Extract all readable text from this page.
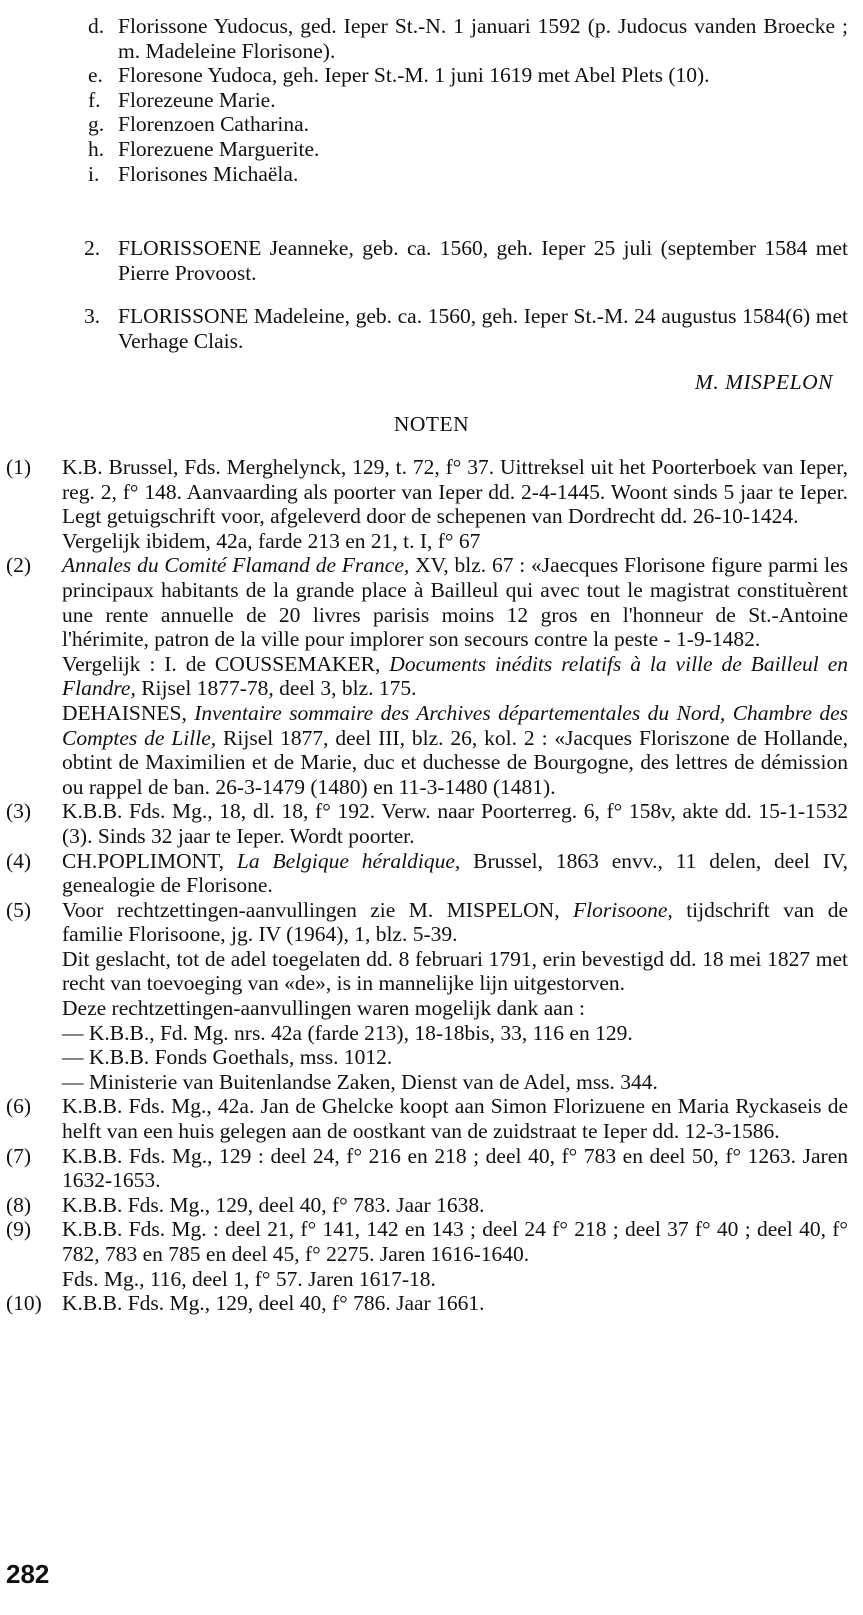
d. Florissone Yudocus, ged. Ieper St.-N. 1 januari 1592 (p. Judocus vanden Broecke ; m. Madeleine Florisone).
e. Floresone Yudoca, geh. Ieper St.-M. 1 juni 1619 met Abel Plets (10).
f. Florezeune Marie.
g. Florenzoen Catharina.
h. Florezuene Marguerite.
i. Florisones Michaëla.
2. FLORISSOENE Jeanneke, geb. ca. 1560, geh. Ieper 25 juli (september 1584 met Pierre Provoost.
3. FLORISSONE Madeleine, geb. ca. 1560, geh. Ieper St.-M. 24 augustus 1584(6) met Verhage Clais.
M. MISPELON
NOTEN
(1)	K.B. Brussel, Fds. Merghelynck, 129, t. 72, f° 37. Uittreksel uit het Poorterboek van Ieper, reg. 2, f° 148. Aanvaarding als poorter van Ieper dd. 2-4-1445. Woont sinds 5 jaar te Ieper. Legt getuigschrift voor, afgeleverd door de schepenen van Dordrecht dd. 26-10-1424.
Vergelijk ibidem, 42a, farde 213 en 21, t. I, f° 67
(2)	Annales du Comité Flamand de France, XV, blz. 67 : «Jaecques Florisone figure parmi les principaux habitants de la grande place à Bailleul qui avec tout le magistrat constituèrent une rente annuelle de 20 livres parisis moins 12 gros en l'honneur de St.-Antoine l'hérimite, patron de la ville pour implorer son secours contre la peste - 1-9-1482.
Vergelijk : I. de COUSSEMAKER, Documents inédits relatifs à la ville de Bailleul en Flandre, Rijsel 1877-78, deel 3, blz. 175.
DEHAISNES, Inventaire sommaire des Archives départementales du Nord, Chambre des Comptes de Lille, Rijsel 1877, deel III, blz. 26, kol. 2 : «Jacques Floriszone de Hollande, obtint de Maximilien et de Marie, duc et duchesse de Bourgogne, des lettres de démission ou rappel de ban. 26-3-1479 (1480) en 11-3-1480 (1481).
(3)	K.B.B. Fds. Mg., 18, dl. 18, f° 192. Verw. naar Poorterreg. 6, f° 158v, akte dd. 15-1-1532 (3). Sinds 32 jaar te Ieper. Wordt poorter.
(4)	CH.POPLIMONT, La Belgique héraldique, Brussel, 1863 envv., 11 delen, deel IV, genealogie de Florisone.
(5)	Voor rechtzettingen-aanvullingen zie M. MISPELON, Florisoone, tijdschrift van de familie Florisoone, jg. IV (1964), 1, blz. 5-39.
Dit geslacht, tot de adel toegelaten dd. 8 februari 1791, erin bevestigd dd. 18 mei 1827 met recht van toevoeging van «de», is in mannelijke lijn uitgestorven.
Deze rechtzettingen-aanvullingen waren mogelijk dank aan :
— K.B.B., Fd. Mg. nrs. 42a (farde 213), 18-18bis, 33, 116 en 129.
— K.B.B. Fonds Goethals, mss. 1012.
— Ministerie van Buitenlandse Zaken, Dienst van de Adel, mss. 344.
(6)	K.B.B. Fds. Mg., 42a. Jan de Ghelcke koopt aan Simon Florizuene en Maria Ryckaseis de helft van een huis gelegen aan de oostkant van de zuidstraat te Ieper dd. 12-3-1586.
(7)	K.B.B. Fds. Mg., 129 : deel 24, f° 216 en 218 ; deel 40, f° 783 en deel 50, f° 1263. Jaren 1632-1653.
(8)	K.B.B. Fds. Mg., 129, deel 40, f° 783. Jaar 1638.
(9)	K.B.B. Fds. Mg. : deel 21, f° 141, 142 en 143 ; deel 24 f° 218 ; deel 37 f° 40 ; deel 40, f° 782, 783 en 785 en deel 45, f° 2275. Jaren 1616-1640.
Fds. Mg., 116, deel 1, f° 57. Jaren 1617-18.
(10) K.B.B. Fds. Mg., 129, deel 40, f° 786. Jaar 1661.
282
